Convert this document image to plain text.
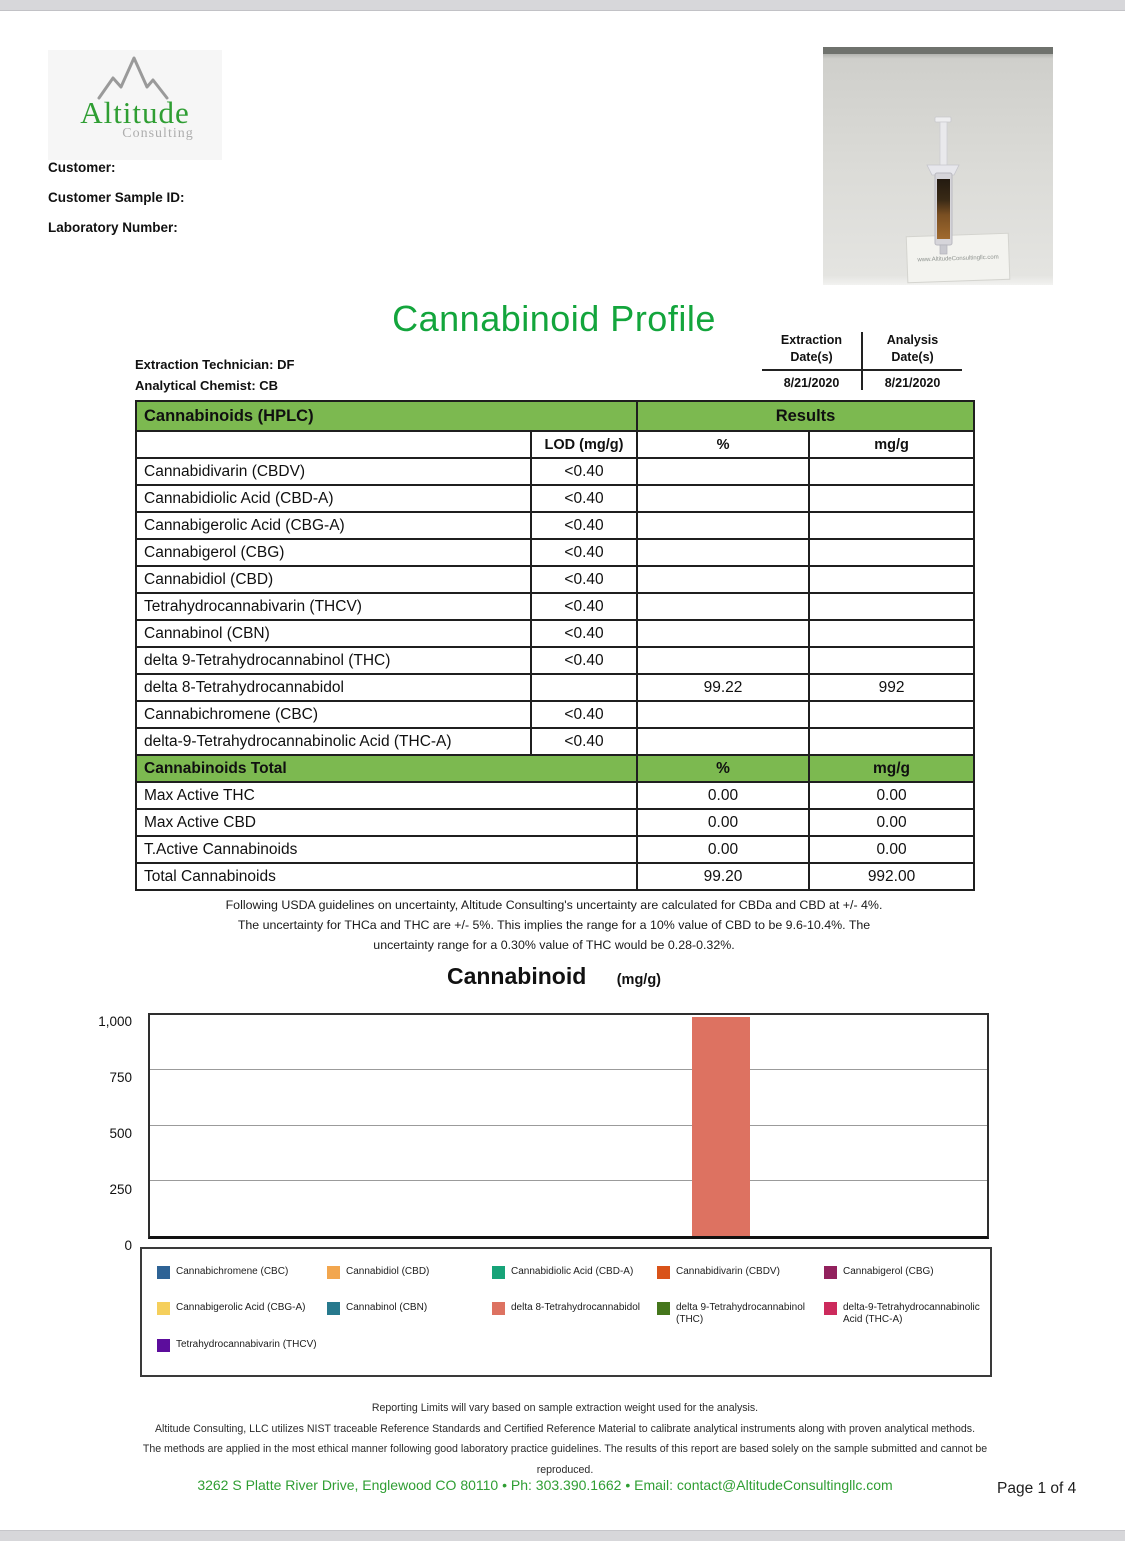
Altitude
Consulting
Customer:
Customer Sample ID:
Laboratory Number:
www.AltitudeConsultingllc.com
Cannabinoid Profile
Extraction Technician: DF
Analytical Chemist: CB
Extraction
Date(s)
8/21/2020
Analysis
Date(s)
8/21/2020
Cannabinoids (HPLC)		Results	
	LOD (mg/g)	%	mg/g
Cannabidivarin (CBDV)	<0.40		
Cannabidiolic Acid (CBD-A)	<0.40		
Cannabigerolic Acid (CBG-A)	<0.40		
Cannabigerol (CBG)	<0.40		
Cannabidiol (CBD)	<0.40		
Tetrahydrocannabivarin (THCV)	<0.40		
Cannabinol (CBN)	<0.40		
delta 9-Tetrahydrocannabinol (THC)	<0.40		
delta 8-Tetrahydrocannabidol		99.22	992
Cannabichromene (CBC)	<0.40		
delta-9-Tetrahydrocannabinolic Acid (THC-A)	<0.40		
Cannabinoids Total		%	mg/g
Max Active THC		0.00	0.00
Max Active CBD		0.00	0.00
T.Active Cannabinoids		0.00	0.00
Total Cannabinoids		99.20	992.00
Following USDA guidelines on uncertainty, Altitude Consulting's uncertainty are calculated for CBDa and CBD at +/- 4%.
The uncertainty for THCa and THC are +/- 5%. This implies the range for a 10% value of CBD to be 9.6-10.4%. The
uncertainty range for a 0.30% value of THC would be 0.28-0.32%.
Cannabinoid (mg/g)
0
250
500
750
1,000
Cannabichromene (CBC)	Cannabidiol (CBD)	Cannabidiolic Acid (CBD-A)	Cannabidivarin (CBDV)	Cannabigerol (CBG)
Cannabigerolic Acid (CBG-A)	Cannabinol (CBN)	delta 8-Tetrahydrocannabidol	delta 9-Tetrahydrocannabinol (THC)
delta-9-Tetrahydrocannabinolic Acid (THC-A)
Tetrahydrocannabivarin (THCV)
Reporting Limits will vary based on sample extraction weight used for the analysis.
Altitude Consulting, LLC utilizes NIST traceable Reference Standards and Certified Reference Material to calibrate analytical instruments along with proven analytical methods.
The methods are applied in the most ethical manner following good laboratory practice guidelines. The results of this report are based solely on the sample submitted and cannot be
reproduced.
3262 S Platte River Drive, Englewood CO 80110 • Ph: 303.390.1662 • Email: contact@AltitudeConsultingllc.com	Page 1 of 4
